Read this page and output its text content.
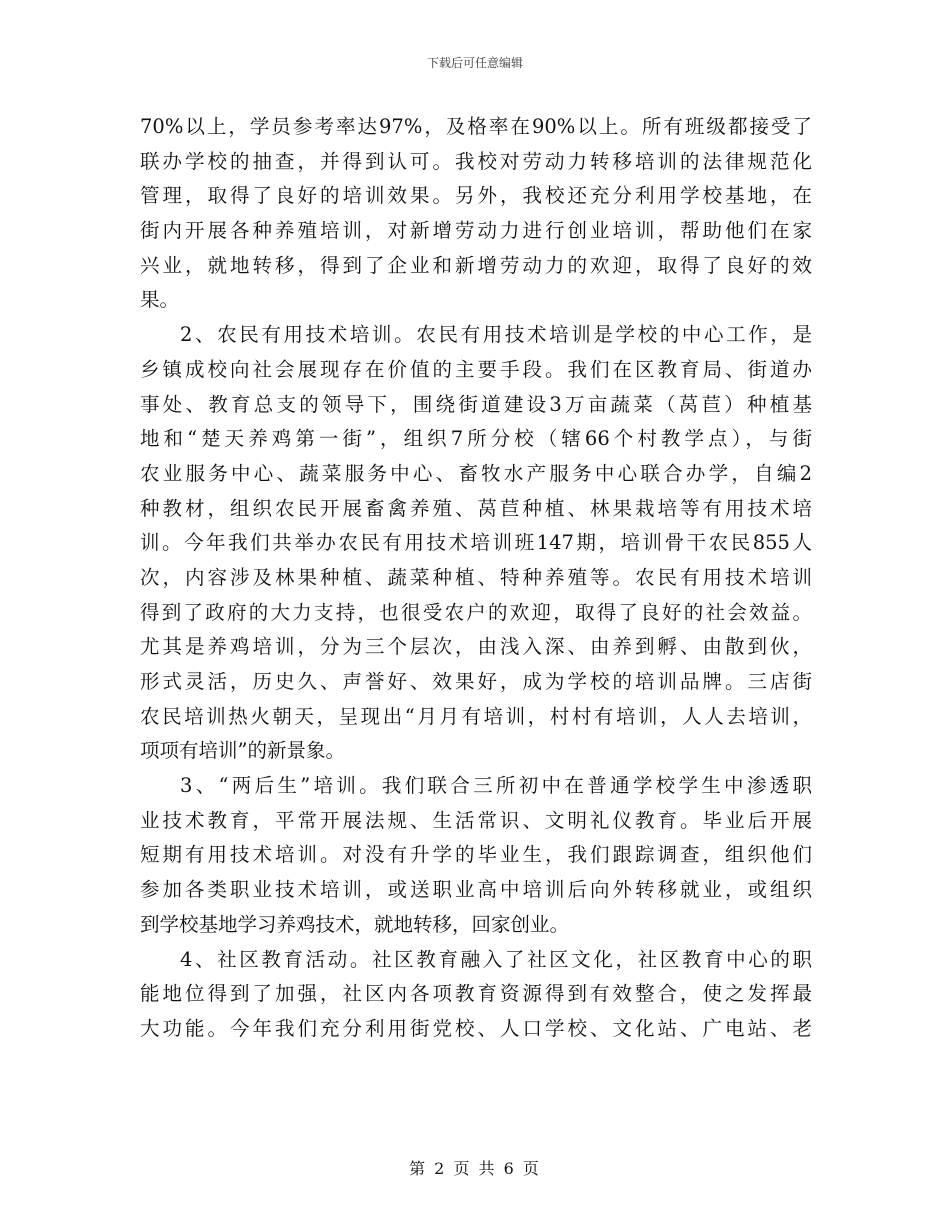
下载后可任意编辑
70%以上，学员参考率达97%，及格率在90%以上。所有班级都接受了
联办学校的抽查，并得到认可。我校对劳动力转移培训的法律规范化
管理，取得了良好的培训效果。另外，我校还充分利用学校基地，在
街内开展各种养殖培训，对新增劳动力进行创业培训，帮助他们在家
兴业，就地转移，得到了企业和新增劳动力的欢迎，取得了良好的效
果。
2、农民有用技术培训。农民有用技术培训是学校的中心工作，是
乡镇成校向社会展现存在价值的主要手段。我们在区教育局、街道办
事处、教育总支的领导下，围绕街道建设3万亩蔬菜（莴苣）种植基
地和“楚天养鸡第一街”，组织7所分校（辖66个村教学点），与街
农业服务中心、蔬菜服务中心、畜牧水产服务中心联合办学，自编2
种教材，组织农民开展畜禽养殖、莴苣种植、林果栽培等有用技术培
训。今年我们共举办农民有用技术培训班147期，培训骨干农民855人
次，内容涉及林果种植、蔬菜种植、特种养殖等。农民有用技术培训
得到了政府的大力支持，也很受农户的欢迎，取得了良好的社会效益。
尤其是养鸡培训，分为三个层次，由浅入深、由养到孵、由散到伙，
形式灵活，历史久、声誉好、效果好，成为学校的培训品牌。三店街
农民培训热火朝天，呈现出“月月有培训，村村有培训，人人去培训，
项项有培训”的新景象。
3、“两后生”培训。我们联合三所初中在普通学校学生中渗透职
业技术教育，平常开展法规、生活常识、文明礼仪教育。毕业后开展
短期有用技术培训。对没有升学的毕业生，我们跟踪调查，组织他们
参加各类职业技术培训，或送职业高中培训后向外转移就业，或组织
到学校基地学习养鸡技术，就地转移，回家创业。
4、社区教育活动。社区教育融入了社区文化，社区教育中心的职
能地位得到了加强，社区内各项教育资源得到有效整合，使之发挥最
大功能。今年我们充分利用街党校、人口学校、文化站、广电站、老
第 2 页 共 6 页
